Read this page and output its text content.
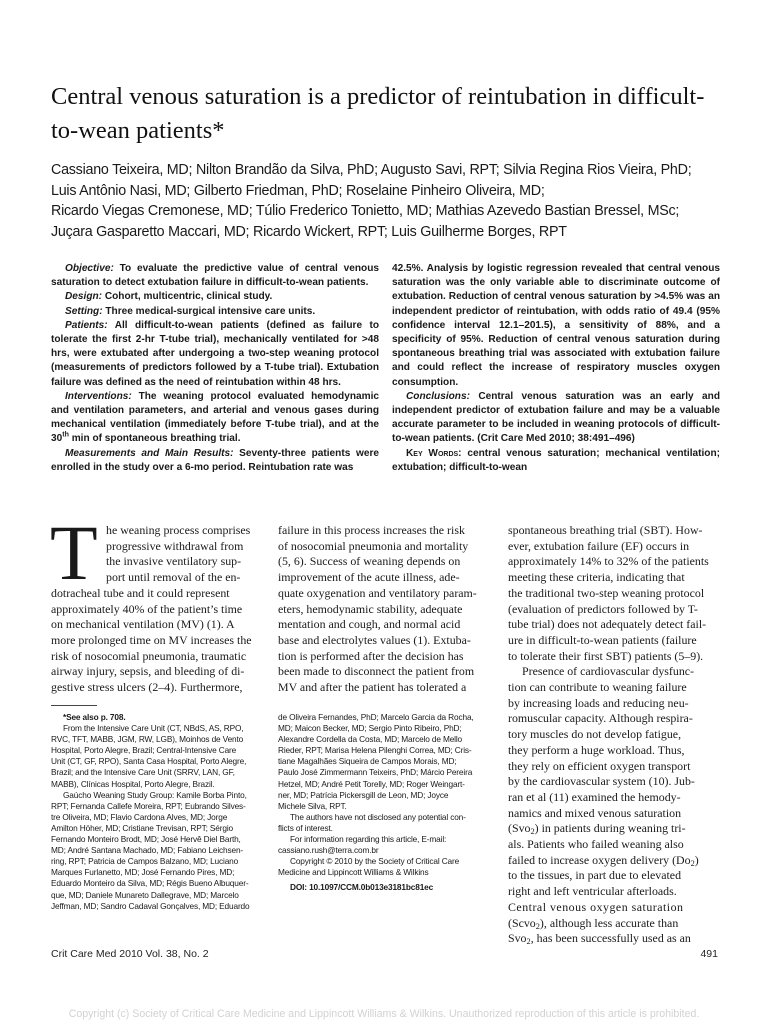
Central venous saturation is a predictor of reintubation in difficult-to-wean patients*
Cassiano Teixeira, MD; Nilton Brandão da Silva, PhD; Augusto Savi, RPT; Silvia Regina Rios Vieira, PhD;
Luis Antônio Nasi, MD; Gilberto Friedman, PhD; Roselaine Pinheiro Oliveira, MD;
Ricardo Viegas Cremonese, MD; Túlio Frederico Tonietto, MD; Mathias Azevedo Bastian Bressel, MSc;
Juçara Gasparetto Maccari, MD; Ricardo Wickert, RPT; Luis Guilherme Borges, RPT

Objective: To evaluate the predictive value of central venous saturation to detect extubation failure in difficult-to-wean patients.

Design: Cohort, multicentric, clinical study.

Setting: Three medical-surgical intensive care units.

Patients: All difficult-to-wean patients (defined as failure to tolerate the first 2-hr T-tube trial), mechanically ventilated for >48 hrs, were extubated after undergoing a two-step weaning protocol (measurements of predictors followed by a T-tube trial). Extubation failure was defined as the need of reintubation within 48 hrs.

Interventions: The weaning protocol evaluated hemodynamic and ventilation parameters, and arterial and venous gases during mechanical ventilation (immediately before T-tube trial), and at the 30th min of spontaneous breathing trial.

Measurements and Main Results: Seventy-three patients were enrolled in the study over a 6-mo period. Reintubation rate was

42.5%. Analysis by logistic regression revealed that central venous saturation was the only variable able to discriminate outcome of extubation. Reduction of central venous saturation by >4.5% was an independent predictor of reintubation, with odds ratio of 49.4 (95% confidence interval 12.1–201.5), a sensitivity of 88%, and a specificity of 95%. Reduction of central venous saturation during spontaneous breathing trial was associated with extubation failure and could reflect the increase of respiratory muscles oxygen consumption.

Conclusions: Central venous saturation was an early and independent predictor of extubation failure and may be a valuable accurate parameter to be included in weaning protocols of difficult-to-wean patients. (Crit Care Med 2010; 38:491–496)

Key Words: central venous saturation; mechanical ventilation; extubation; difficult-to-wean

T he weaning process comprises
progressive withdrawal from
the invasive ventilatory sup-
port until removal of the en-
dotracheal tube and it could represent
approximately 40% of the patient’s time
on mechanical ventilation (MV) (1). A
more prolonged time on MV increases the
risk of nosocomial pneumonia, traumatic
airway injury, sepsis, and bleeding of di-
gestive stress ulcers (2–4). Furthermore,
failure in this process increases the risk
of nosocomial pneumonia and mortality
(5, 6). Success of weaning depends on
improvement of the acute illness, ade-
quate oxygenation and ventilatory param-
eters, hemodynamic stability, adequate
mentation and cough, and normal acid
base and electrolytes values (1). Extuba-
tion is performed after the decision has
been made to disconnect the patient from
MV and after the patient has tolerated a
spontaneous breathing trial (SBT). How-
ever, extubation failure (EF) occurs in
approximately 14% to 32% of the patients
meeting these criteria, indicating that
the traditional two-step weaning protocol
(evaluation of predictors followed by T-
tube trial) does not adequately detect fail-
ure in difficult-to-wean patients (failure
to tolerate their first SBT) patients (5–9).
Presence of cardiovascular dysfunc-
tion can contribute to weaning failure
by increasing loads and reducing neu-
romuscular capacity. Although respira-
tory muscles do not develop fatigue,
they perform a huge workload. Thus,
they rely on efficient oxygen transport
by the cardiovascular system (10). Jub-
ran et al (11) examined the hemody-
namics and mixed venous saturation
(Svo$_2$) in patients during weaning tri-
als. Patients who failed weaning also
failed to increase oxygen delivery $(Do_2)$
to the tissues, in part due to elevated
right and left ventricular afterloads.
Central venous oxygen saturation
(Scvo$_2$), although less accurate than
Svo$_2$, has been successfully used as an
*See also p. 708.
From the Intensive Care Unit (CT, NBdS, AS, RPO,
RVC, TFT, MABB, JGM, RW, LGB), Moinhos de Vento
Hospital, Porto Alegre, Brazil; Central-Intensive Care
Unit (CT, GF, RPO), Santa Casa Hospital, Porto Alegre,
Brazil; and the Intensive Care Unit (SRRV, LAN, GF,
MABB), Clínicas Hospital, Porto Alegre, Brazil.
Gaúcho Weaning Study Group: Kamile Borba Pinto,
RPT; Fernanda Callefe Moreira, RPT; Eubrando Silves-
tre Oliveira, MD; Flavio Cardona Alves, MD; Jorge
Amilton Höher, MD; Cristiane Trevisan, RPT; Sérgio
Fernando Monteiro Brodt, MD; José Hervê Diel Barth,
MD; André Santana Machado, MD; Fabiano Leichsen-
ring, RPT; Patricia de Campos Balzano, MD; Luciano
Marques Furlanetto, MD; José Fernando Pires, MD;
Eduardo Monteiro da Silva, MD; Régis Bueno Albuquer-
que, MD; Daniele Munareto Dallegrave, MD; Marcelo
Jeffman, MD; Sandro Cadaval Gonçalves, MD; Eduardo
de Oliveira Fernandes, PhD; Marcelo Garcia da Rocha,
MD; Maicon Becker, MD; Sergio Pinto Ribeiro, PhD;
Alexandre Cordella da Costa, MD; Marcelo de Mello
Rieder, RPT; Marisa Helena Pilenghi Correa, MD; Cris-
tiane Magalhães Siqueira de Campos Morais, MD;
Paulo José Zimmermann Teixeirs, PhD; Márcio Pereira
Hetzel, MD; André Petit Torelly, MD; Roger Weingart-
ner, MD; Patrícia Pickersgill de Leon, MD; Joyce
Michele Silva, RPT.
The authors have not disclosed any potential con-
flicts of interest.
For information regarding this article, E-mail:
cassiano.rush@terra.com.br
Copyright © 2010 by the Society of Critical Care
Medicine and Lippincott Williams & Wilkins
DOI: 10.1097/CCM.0b013e3181bc81ec
Crit Care Med 2010 Vol. 38, No. 2	491
Copyright (c) Society of Critical Care Medicine and Lippincott Williams & Wilkins. Unauthorized reproduction of this article is prohibited.
